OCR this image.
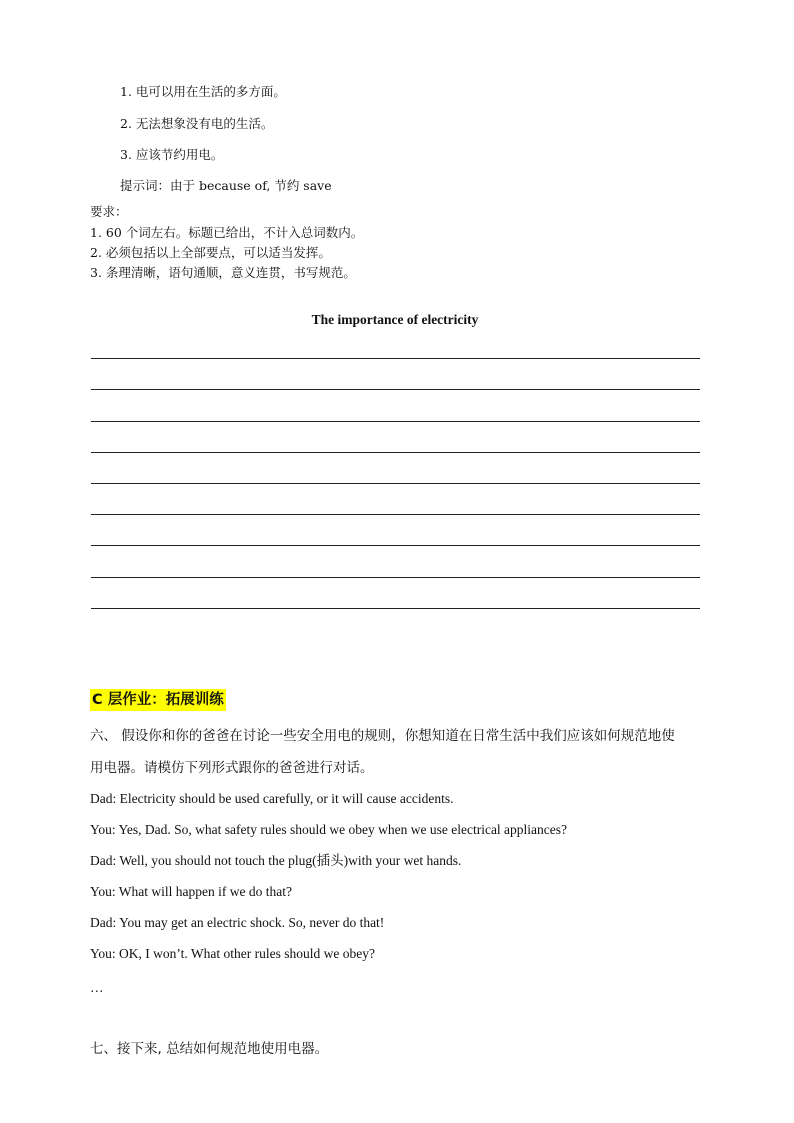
1. 电可以用在生活的多方面。
2. 无法想象没有电的生活。
3. 应该节约用电。
提示词：由于 because of, 节约 save
要求：
1. 60 个词左右。标题已给出，不计入总词数内。
2. 必须包括以上全部要点，可以适当发挥。
3. 条理清晰，语句通顺，意义连贯，书写规范。
The importance of electricity
C 层作业：拓展训练
六、 假设你和你的爸爸在讨论一些安全用电的规则，你想知道在日常生活中我们应该如何规范地使
用电器。请模仿下列形式跟你的爸爸进行对话。
Dad: Electricity should be used carefully, or it will cause accidents.
You: Yes, Dad. So, what safety rules should we obey when we use electrical appliances?
Dad: Well, you should not touch the plug(插头)with your wet hands.
You: What will happen if we do that?
Dad: You may get an electric shock. So, never do that!
You: OK, I won’t. What other rules should we obey?
…
七、接下来, 总结如何规范地使用电器。
